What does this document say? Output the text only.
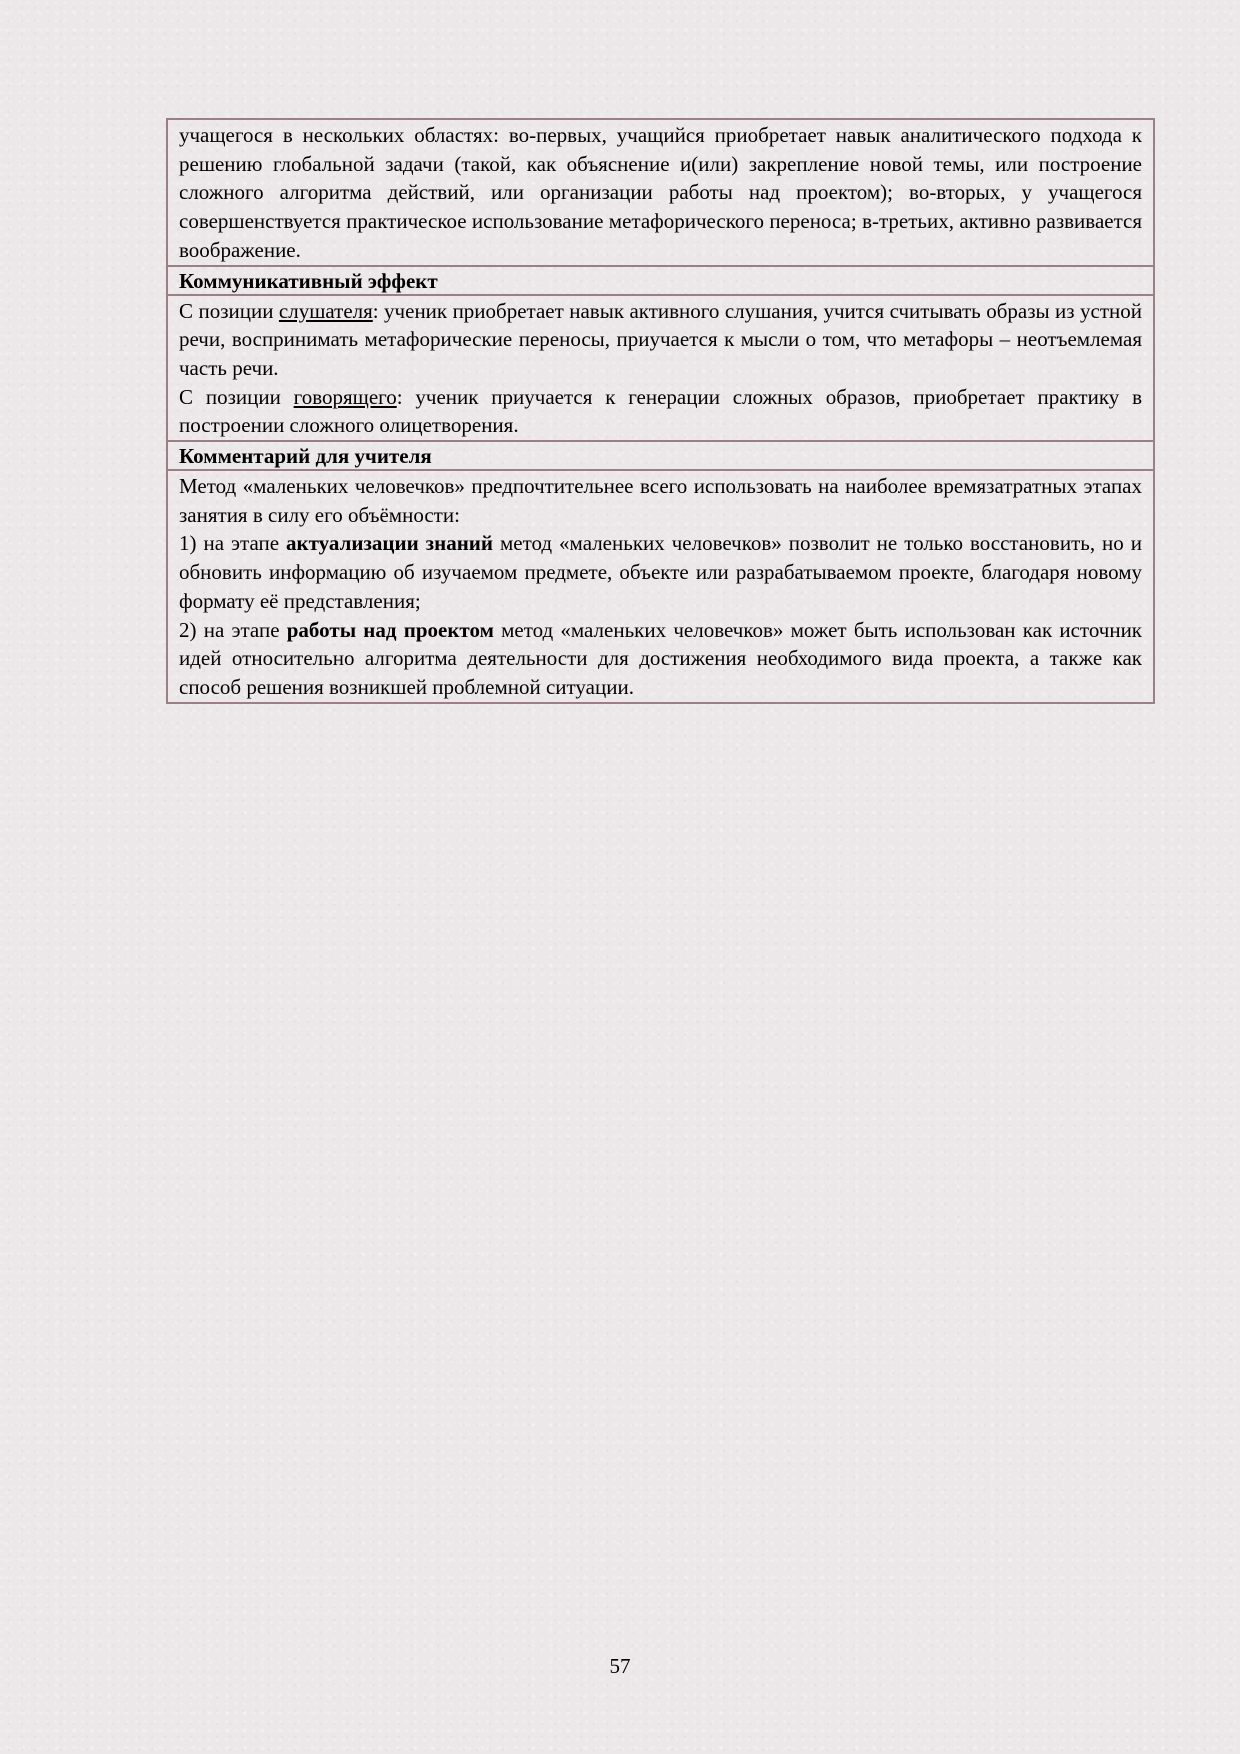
учащегося в нескольких областях: во-первых, учащийся приобретает навык аналитического подхода к решению глобальной задачи (такой, как объяснение и(или) закрепление новой темы, или построение сложного алгоритма действий, или организации работы над проектом); во-вторых, у учащегося совершенствуется практическое использование метафорического переноса; в-третьих, активно развивается воображение.

Коммуникативный эффект

С позиции слушателя: ученик приобретает навык активного слушания, учится считывать образы из устной речи, воспринимать метафорические переносы, приучается к мысли о том, что метафоры – неотъемлемая часть речи.

С позиции говорящего: ученик приучается к генерации сложных образов, приобретает практику в построении сложного олицетворения.

Комментарий для учителя

Метод «маленьких человечков» предпочтительнее всего использовать на наиболее времязатратных этапах занятия в силу его объёмности:

1) на этапе актуализации знаний метод «маленьких человечков» позволит не только восстановить, но и обновить информацию об изучаемом предмете, объекте или разрабатываемом проекте, благодаря новому формату её представления;

2) на этапе работы над проектом метод «маленьких человечков» может быть использован как источник идей относительно алгоритма деятельности для достижения необходимого вида проекта, а также как способ решения возникшей проблемной ситуации.

57
